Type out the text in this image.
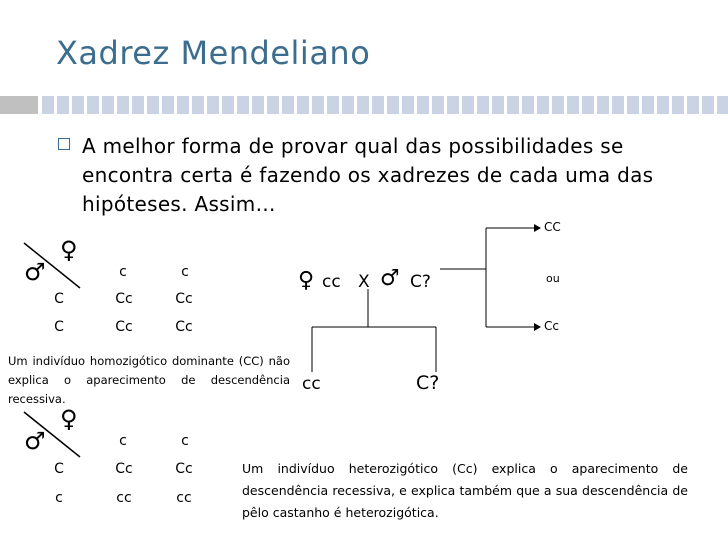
Xadrez Mendeliano
A melhor forma de provar qual das possibilidades se encontra certa é fazendo os xadrezes de cada uma das hipóteses. Assim…
♀
♂	c	c
C	Cc	Cc
C	Cc	Cc
Um indivíduo homozigótico dominante (CC) não explica o aparecimento de descendência recessiva.
♀
♂	c	c
C	Cc	Cc
c	cc	cc
Um indivíduo heterozigótico (Cc) explica o aparecimento de descendência recessiva, e explica também que a sua descendência de pêlo castanho é heterozigótica.
♀ cc X ♂ C?
CC
ou
Cc
cc	C?
